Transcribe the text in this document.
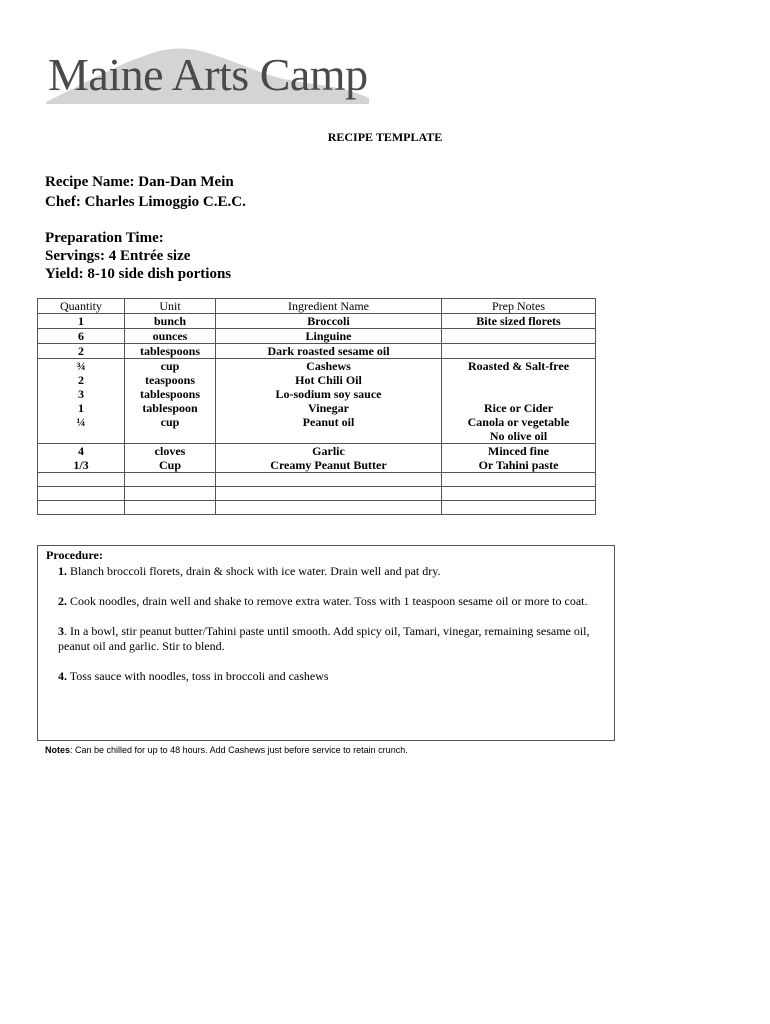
Maine Arts Camp
RECIPE TEMPLATE
Recipe Name: Dan-Dan Mein
Chef: Charles Limoggio C.E.C.
Preparation Time:
Servings: 4 Entrée size
Yield: 8-10 side dish portions
Quantity	Unit	Ingredient Name	Prep Notes
1	bunch	Broccoli	Bite sized florets
6	ounces	Linguine	
2	tablespoons	Dark roasted sesame oil	
¾	cup	Cashews	Roasted & Salt-free
2	teaspoons	Hot Chili Oil	
3	tablespoons	Lo-sodium soy sauce	
1	tablespoon	Vinegar	Rice or Cider
¼	cup	Peanut oil	Canola or vegetable
			No olive oil
4	cloves	Garlic	Minced fine
1/3	Cup	Creamy Peanut Butter	Or Tahini paste

Procedure:
1. Blanch broccoli florets, drain & shock with ice water. Drain well and pat dry.
2. Cook noodles, drain well and shake to remove extra water. Toss with 1 teaspoon sesame oil or more to coat.
3. In a bowl, stir peanut butter/Tahini paste until smooth. Add spicy oil, Tamari, vinegar, remaining sesame oil, peanut oil and garlic. Stir to blend.
4. Toss sauce with noodles, toss in broccoli and cashews
Notes: Can be chilled for up to 48 hours. Add Cashews just before service to retain crunch.
